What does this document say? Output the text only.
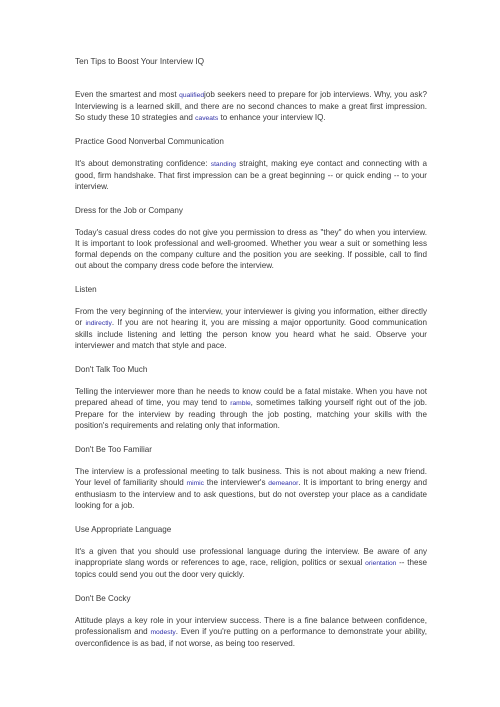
Ten Tips to Boost Your Interview IQ
Even the smartest and most qualifiedjob seekers need to prepare for job interviews. Why, you ask? Interviewing is a learned skill, and there are no second chances to make a great first impression. So study these 10 strategies and caveats to enhance your interview IQ.
Practice Good Nonverbal Communication
It's about demonstrating confidence: standing straight, making eye contact and connecting with a good, firm handshake. That first impression can be a great beginning -- or quick ending -- to your interview.
Dress for the Job or Company
Today's casual dress codes do not give you permission to dress as "they" do when you interview. It is important to look professional and well-groomed. Whether you wear a suit or something less formal depends on the company culture and the position you are seeking. If possible, call to find out about the company dress code before the interview.
Listen
From the very beginning of the interview, your interviewer is giving you information, either directly or indirectly. If you are not hearing it, you are missing a major opportunity. Good communication skills include listening and letting the person know you heard what he said. Observe your interviewer and match that style and pace.
Don't Talk Too Much
Telling the interviewer more than he needs to know could be a fatal mistake. When you have not prepared ahead of time, you may tend to ramble, sometimes talking yourself right out of the job. Prepare for the interview by reading through the job posting, matching your skills with the position's requirements and relating only that information.
Don't Be Too Familiar
The interview is a professional meeting to talk business. This is not about making a new friend. Your level of familiarity should mimic the interviewer's demeanor. It is important to bring energy and enthusiasm to the interview and to ask questions, but do not overstep your place as a candidate looking for a job.
Use Appropriate Language
It's a given that you should use professional language during the interview. Be aware of any inappropriate slang words or references to age, race, religion, politics or sexual orientation -- these topics could send you out the door very quickly.
Don't Be Cocky
Attitude plays a key role in your interview success. There is a fine balance between confidence, professionalism and modesty. Even if you're putting on a performance to demonstrate your ability, overconfidence is as bad, if not worse, as being too reserved.
